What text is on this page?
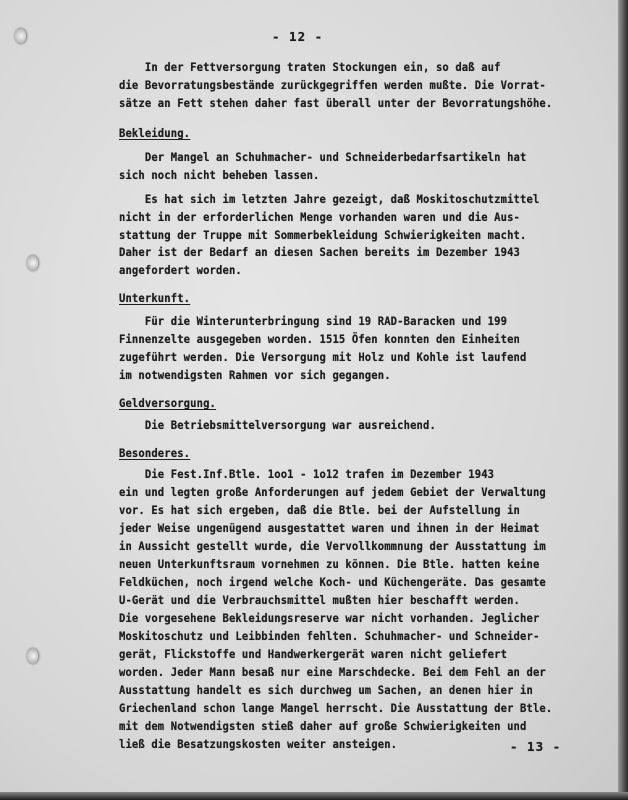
- 12 -
In der Fettversorgung traten Stockungen ein, so daß auf
die Bevorratungsbestände zurückgegriffen werden mußte. Die Vorrat-
sätze an Fett stehen daher fast überall unter der Bevorratungshöhe.
Bekleidung.
Der Mangel an Schuhmacher- und Schneiderbedarfsartikeln hat
sich noch nicht beheben lassen.
Es hat sich im letzten Jahre gezeigt, daß Moskitoschutzmittel
nicht in der erforderlichen Menge vorhanden waren und die Aus-
stattung der Truppe mit Sommerbekleidung Schwierigkeiten macht.
Daher ist der Bedarf an diesen Sachen bereits im Dezember 1943
angefordert worden.
Unterkunft.
Für die Winterunterbringung sind 19 RAD-Baracken und 199
Finnenzelte ausgegeben worden. 1515 Öfen konnten den Einheiten
zugeführt werden. Die Versorgung mit Holz und Kohle ist laufend
im notwendigsten Rahmen vor sich gegangen.
Geldversorgung.
Die Betriebsmittelversorgung war ausreichend.
Besonderes.
Die Fest.Inf.Btle. 1oo1 - 1o12 trafen im Dezember 1943
ein und legten große Anforderungen auf jedem Gebiet der Verwaltung
vor. Es hat sich ergeben, daß die Btle. bei der Aufstellung in
jeder Weise ungenügend ausgestattet waren und ihnen in der Heimat
in Aussicht gestellt wurde, die Vervollkommnung der Ausstattung im
neuen Unterkunftsraum vornehmen zu können. Die Btle. hatten keine
Feldküchen, noch irgend welche Koch- und Küchengeräte. Das gesamte
U-Gerät und die Verbrauchsmittel mußten hier beschafft werden.
Die vorgesehene Bekleidungsreserve war nicht vorhanden. Jeglicher
Moskitoschutz und Leibbinden fehlten. Schuhmacher- und Schneider-
gerät, Flickstoffe und Handwerkergerät waren nicht geliefert
worden. Jeder Mann besaß nur eine Marschdecke. Bei dem Fehl an der
Ausstattung handelt es sich durchweg um Sachen, an denen hier in
Griechenland schon lange Mangel herrscht. Die Ausstattung der Btle.
mit dem Notwendigsten stieß daher auf große Schwierigkeiten und
ließ die Besatzungskosten weiter ansteigen.	- 13 -
